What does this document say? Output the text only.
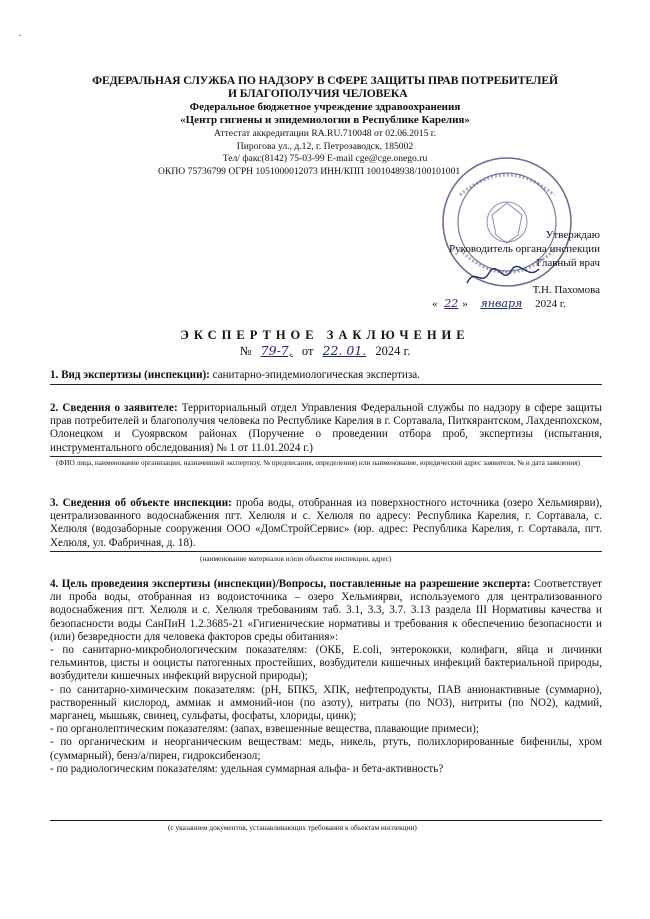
ФЕДЕРАЛЬНАЯ СЛУЖБА ПО НАДЗОРУ В СФЕРЕ ЗАЩИТЫ ПРАВ ПОТРЕБИТЕЛЕЙ
И БЛАГОПОЛУЧИЯ ЧЕЛОВЕКА
Федеральное бюджетное учреждение здравоохранения
«Центр гигиены и эпидемиологии в Республике Карелия»
Аттестат аккредитации RA.RU.710048 от 02.06.2015 г.
Пирогова ул., д.12, г. Петрозаводск, 185002
Тел/ факс(8142) 75-03-99 E-mail cge@cge.onego.ru
ОКПО 75736799 ОГРН 1051000012073 ИНН/КПП 1001048938/100101001
Утверждаю
Руководитель органа инспекции
Главный врач
Т.Н. Пахомова
« 22 » января 2024 г.
ЭКСПЕРТНОЕ ЗАКЛЮЧЕНИЕ
№ 79-7, от 22. 01. 2024 г.

1. Вид экспертизы (инспекции): санитарно-эпидемиологическая экспертиза.

2. Сведения о заявителе: Территориальный отдел Управления Федеральной службы по надзору в сфере защиты прав потребителей и благополучия человека по Республике Карелия в г. Сортавала, Питкярантском, Лахденпохском, Олонецком и Суоярвском районах (Поручение о проведении отбора проб, экспертизы (испытания, инструментального обследования) № 1 от 11.01.2024 г.)

(ФИО лица, наименование организации, назначившей экспертизу, № предписания, определения) или наименование, юридический адрес заявителя, № и дата заявления)

3. Сведения об объекте инспекции: проба воды, отобранная из поверхностного источника (озеро Хельмиярви), централизованного водоснабжения пгт. Хелюля и с. Хелюля по адресу: Республика Карелия, г. Сортавала, с. Хелюля (водозаборные сооружения ООО «ДомСтройСервис» (юр. адрес: Республика Карелия, г. Сортавала, пгт. Хелюля, ул. Фабричная, д. 18).

(наименование материалов и/или объектов инспекции, адрес)

4. Цель проведения экспертизы (инспекции)/Вопросы, поставленные на разрешение эксперта: Соответствует ли проба воды, отобранная из водоисточника – озеро Хельмиярви, используемого для централизованного водоснабжения пгт. Хелюля и с. Хелюля требованиям таб. 3.1, 3.3, 3.7. 3.13 раздела III Нормативы качества и безопасности воды СанПиН 1.2.3685-21 «Гигиенические нормативы и требования к обеспечению безопасности и (или) безвредности для человека факторов среды обитания»:

- по санитарно-микробиологическим показателям: (ОКБ, E.coli, энтерококки, колифаги, яйца и личинки гельминтов, цисты и ооцисты патогенных простейших, возбудители кишечных инфекций бактериальной природы, возбудители кишечных инфекций вирусной природы);

- по санитарно-химическим показателям: (pH, БПК5, ХПК, нефтепродукты, ПАВ анионактивные (суммарно), растворенный кислород, аммиак и аммоний-ион (по азоту), нитраты (по NO3), нитриты (по NO2), кадмий, марганец, мышьяк, свинец, сульфаты, фосфаты, хлориды, цинк);

- по органолептическим показателям: (запах, взвешенные вещества, плавающие примеси);

- по органическим и неорганическим веществам: медь, никель, ртуть, полихлорированные бифенилы, хром (суммарный), бенз/а/пирен, гидроксибензол;

- по радиологическим показателям: удельная суммарная альфа- и бета-активность?

(с указанием документов, устанавливающих требования к объектам инспекции)
·
